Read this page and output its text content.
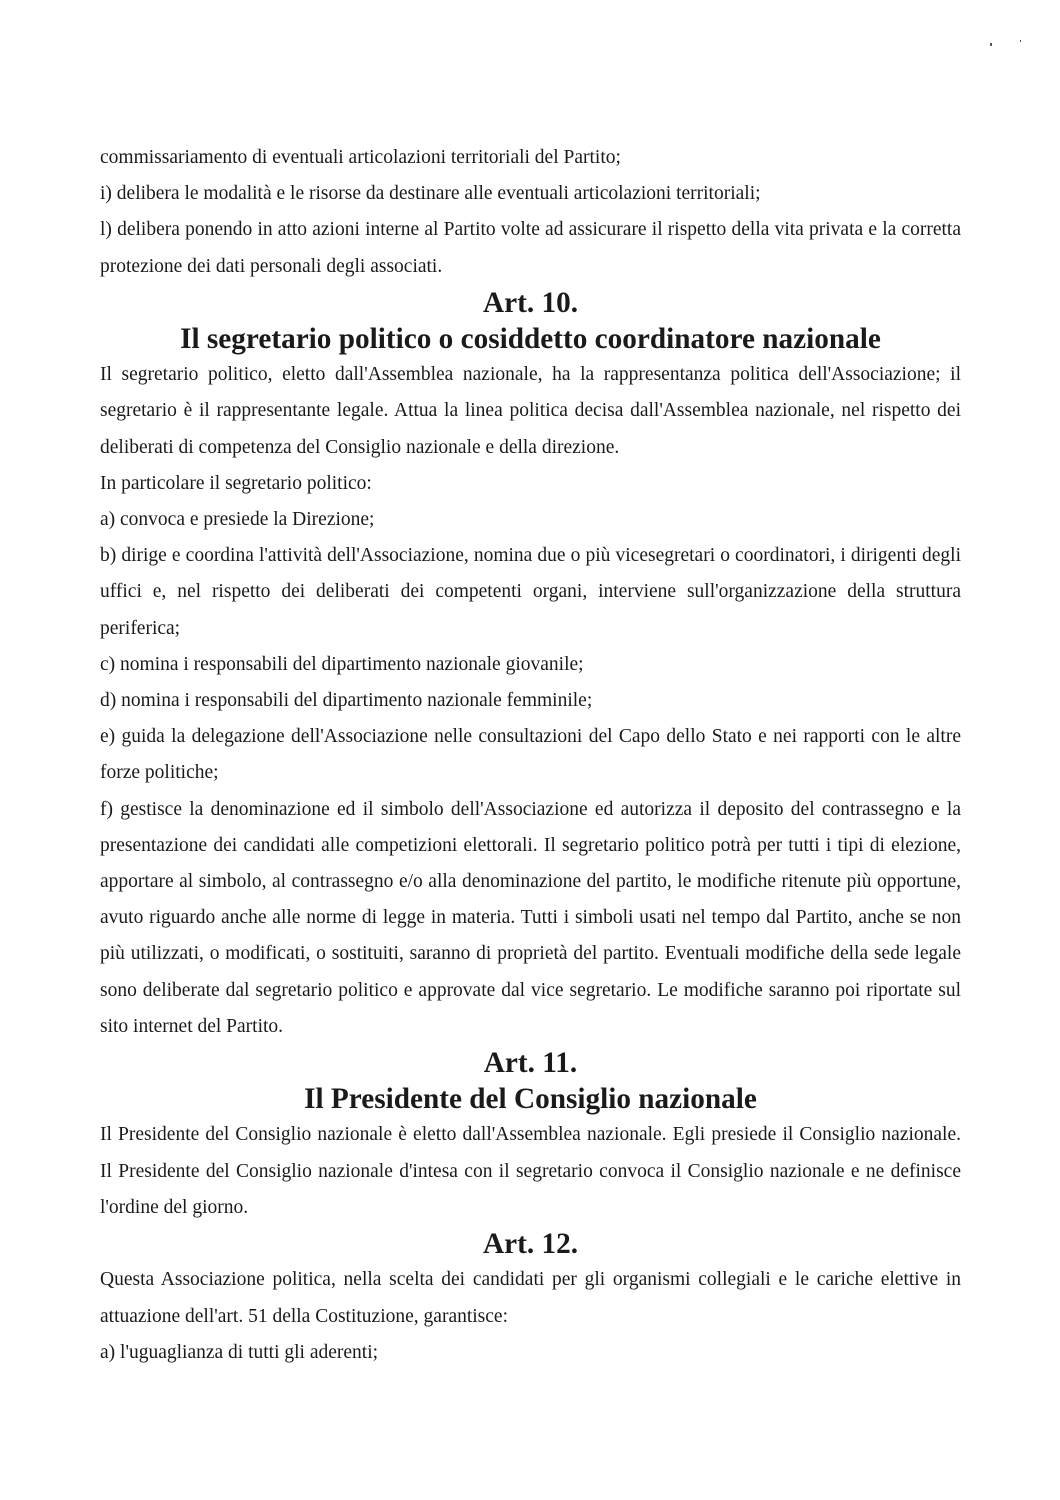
commissariamento di eventuali articolazioni territoriali del Partito;

i) delibera le modalità e le risorse da destinare alle eventuali articolazioni territoriali;

l) delibera ponendo in atto azioni interne al Partito volte ad assicurare il rispetto della vita privata e la corretta protezione dei dati personali degli associati.

Art. 10.
Il segretario politico o cosiddetto coordinatore nazionale

Il segretario politico, eletto dall'Assemblea nazionale, ha la rappresentanza politica dell'Associazione; il segretario è il rappresentante legale. Attua la linea politica decisa dall'Assemblea nazionale, nel rispetto dei deliberati di competenza del Consiglio nazionale e della direzione.

In particolare il segretario politico:

a) convoca e presiede la Direzione;

b) dirige e coordina l'attività dell'Associazione, nomina due o più vicesegretari o coordinatori, i dirigenti degli uffici e, nel rispetto dei deliberati dei competenti organi, interviene sull'organizzazione della struttura periferica;

c) nomina i responsabili del dipartimento nazionale giovanile;

d) nomina i responsabili del dipartimento nazionale femminile;

e) guida la delegazione dell'Associazione nelle consultazioni del Capo dello Stato e nei rapporti con le altre forze politiche;

f) gestisce la denominazione ed il simbolo dell'Associazione ed autorizza il deposito del contrassegno e la presentazione dei candidati alle competizioni elettorali. Il segretario politico potrà per tutti i tipi di elezione, apportare al simbolo, al contrassegno e/o alla denominazione del partito, le modifiche ritenute più opportune, avuto riguardo anche alle norme di legge in materia. Tutti i simboli usati nel tempo dal Partito, anche se non più utilizzati, o modificati, o sostituiti, saranno di proprietà del partito. Eventuali modifiche della sede legale sono deliberate dal segretario politico e approvate dal vice segretario. Le modifiche saranno poi riportate sul sito internet del Partito.

Art. 11.
Il Presidente del Consiglio nazionale

Il Presidente del Consiglio nazionale è eletto dall'Assemblea nazionale. Egli presiede il Consiglio nazionale. Il Presidente del Consiglio nazionale d'intesa con il segretario convoca il Consiglio nazionale e ne definisce l'ordine del giorno.

Art. 12.

Questa Associazione politica, nella scelta dei candidati per gli organismi collegiali e le cariche elettive in attuazione dell'art. 51 della Costituzione, garantisce:

a) l'uguaglianza di tutti gli aderenti;
